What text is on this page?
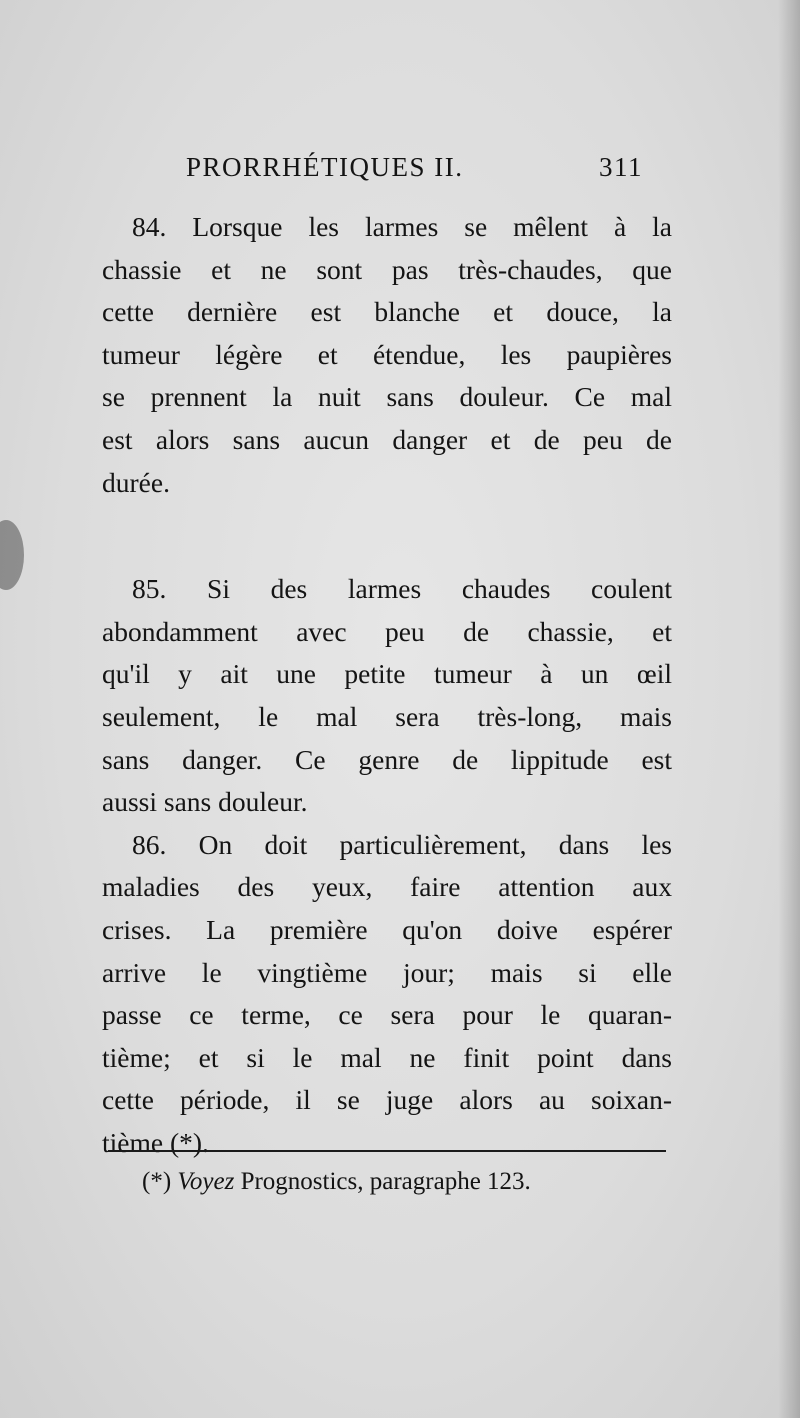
PRORRHÉTIQUES II.	311
84. Lorsque les larmes se mêlent à la
chassie et ne sont pas très-chaudes, que
cette dernière est blanche et douce, la
tumeur légère et étendue, les paupières
se prennent la nuit sans douleur. Ce mal
est alors sans aucun danger et de peu de
durée.
85. Si des larmes chaudes coulent
abondamment avec peu de chassie, et
qu'il y ait une petite tumeur à un œil
seulement, le mal sera très-long, mais
sans danger. Ce genre de lippitude est
aussi sans douleur.
86. On doit particulièrement, dans les
maladies des yeux, faire attention aux
crises. La première qu'on doive espérer
arrive le vingtième jour; mais si elle
passe ce terme, ce sera pour le quaran-
tième; et si le mal ne finit point dans
cette période, il se juge alors au soixan-
tième (*).
(*) Voyez Prognostics, paragraphe 123.
